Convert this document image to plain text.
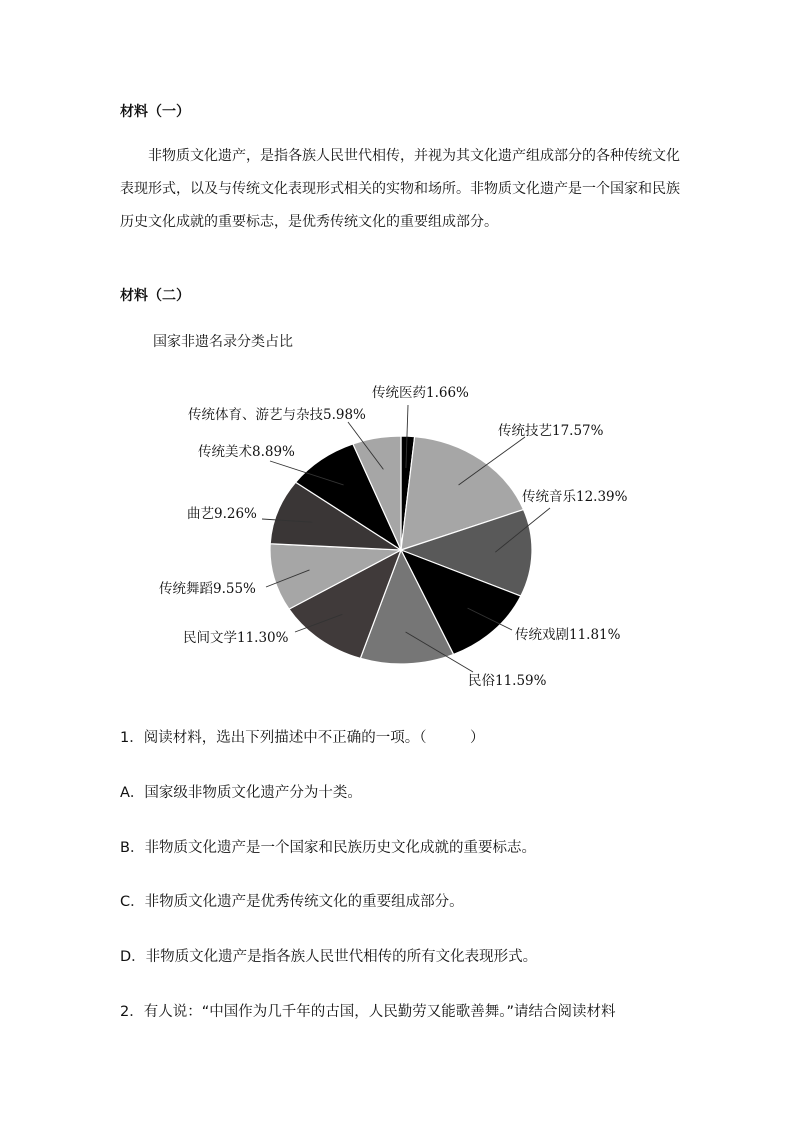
材料（一）
非物质文化遗产，是指各族人民世代相传，并视为其文化遗产组成部分的各种传统文化表现形式，以及与传统文化表现形式相关的实物和场所。非物质文化遗产是一个国家和民族历史文化成就的重要标志，是优秀传统文化的重要组成部分。
材料（二）
国家非遗名录分类占比
传统医药1.66%
传统技艺17.57%
传统音乐12.39%
传统戏剧11.81%
民俗11.59%
民间文学11.30%
传统舞蹈9.55%
曲艺9.26%
传统美术8.89%
传统体育、游艺与杂技5.98%
1．阅读材料，选出下列描述中不正确的一项。（　　　）
A．国家级非物质文化遗产分为十类。
B．非物质文化遗产是一个国家和民族历史文化成就的重要标志。
C．非物质文化遗产是优秀传统文化的重要组成部分。
D．非物质文化遗产是指各族人民世代相传的所有文化表现形式。
2．有人说：“中国作为几千年的古国，人民勤劳又能歌善舞。”请结合阅读材料
